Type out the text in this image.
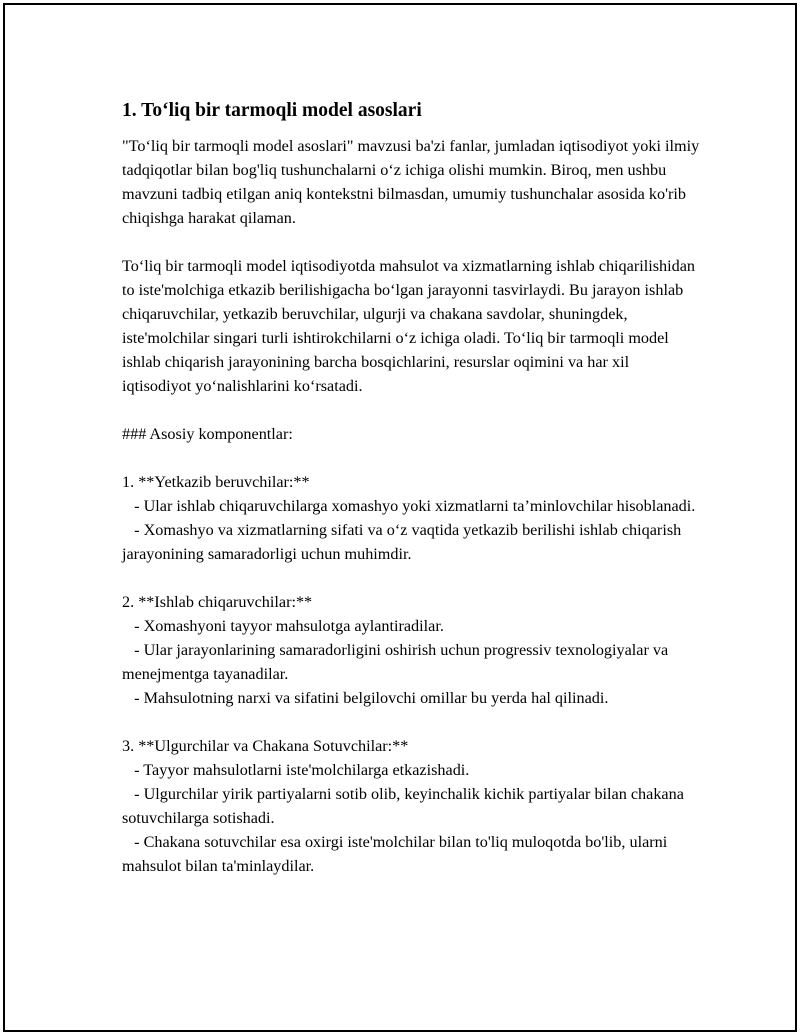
1. To‘liq bir tarmoqli model asoslari

"To‘liq bir tarmoqli model asoslari" mavzusi ba'zi fanlar, jumladan iqtisodiyot yoki ilmiy tadqiqotlar bilan bog'liq tushunchalarni o‘z ichiga olishi mumkin. Biroq, men ushbu mavzuni tadbiq etilgan aniq kontekstni bilmasdan, umumiy tushunchalar asosida ko'rib chiqishga harakat qilaman.

To‘liq bir tarmoqli model iqtisodiyotda mahsulot va xizmatlarning ishlab chiqarilishidan to iste'molchiga etkazib berilishigacha bo‘lgan jarayonni tasvirlaydi. Bu jarayon ishlab chiqaruvchilar, yetkazib beruvchilar, ulgurji va chakana savdolar, shuningdek, iste'molchilar singari turli ishtirokchilarni o‘z ichiga oladi. To‘liq bir tarmoqli model ishlab chiqarish jarayonining barcha bosqichlarini, resurslar oqimini va har xil iqtisodiyot yo‘nalishlarini ko‘rsatadi.

### Asosiy komponentlar:

1. **Yetkazib beruvchilar:**

- Ular ishlab chiqaruvchilarga xomashyo yoki xizmatlarni ta’minlovchilar hisoblanadi.

- Xomashyo va xizmatlarning sifati va o‘z vaqtida yetkazib berilishi ishlab chiqarish jarayonining samaradorligi uchun muhimdir.

2. **Ishlab chiqaruvchilar:**

- Xomashyoni tayyor mahsulotga aylantiradilar.

- Ular jarayonlarining samaradorligini oshirish uchun progressiv texnologiyalar va menejmentga tayanadilar.

- Mahsulotning narxi va sifatini belgilovchi omillar bu yerda hal qilinadi.

3. **Ulgurchilar va Chakana Sotuvchilar:**

- Tayyor mahsulotlarni iste'molchilarga etkazishadi.

- Ulgurchilar yirik partiyalarni sotib olib, keyinchalik kichik partiyalar bilan chakana sotuvchilarga sotishadi.

- Chakana sotuvchilar esa oxirgi iste'molchilar bilan to'liq muloqotda bo'lib, ularni mahsulot bilan ta'minlaydilar.
